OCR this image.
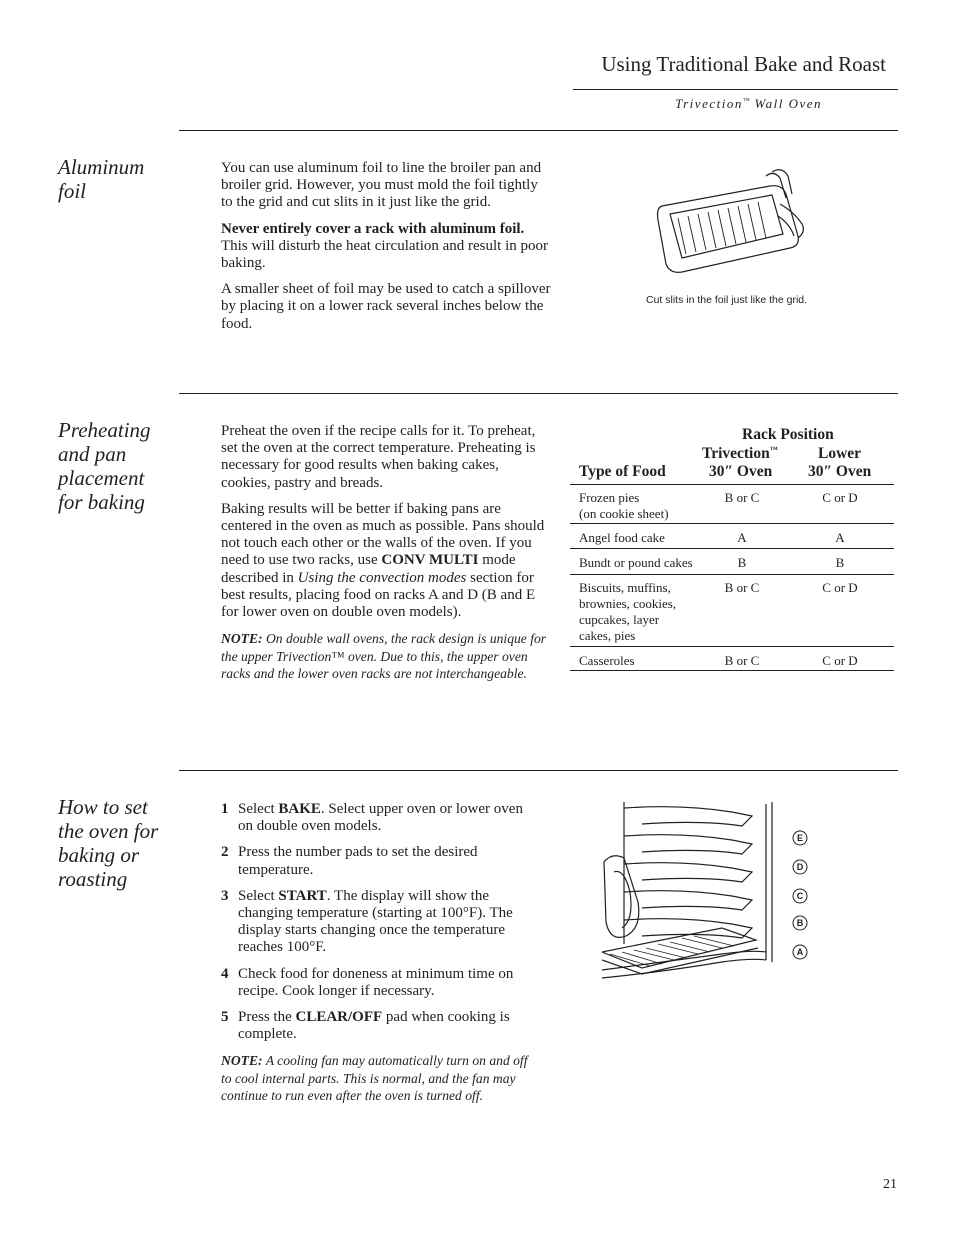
Using Traditional Bake and Roast
Trivection™ Wall Oven
Aluminum
foil

You can use aluminum foil to line the broiler pan and broiler grid. However, you must mold the foil tightly to the grid and cut slits in it just like the grid.

Never entirely cover a rack with aluminum foil. This will disturb the heat circulation and result in poor baking.

A smaller sheet of foil may be used to catch a spillover by placing it on a lower rack several inches below the food.

Cut slits in the foil just like the grid.
Preheating
and pan
placement
for baking

Preheat the oven if the recipe calls for it. To preheat, set the oven at the correct temperature. Preheating is necessary for good results when baking cakes, cookies, pastry and breads.

Baking results will be better if baking pans are centered in the oven as much as possible. Pans should not touch each other or the walls of the oven. If you need to use two racks, use CONV MULTI mode described in Using the convection modes section for best results, placing food on racks A and D (B and E for lower oven on double oven models).

NOTE: On double wall ovens, the rack design is unique for the upper Trivection™ oven. Due to this, the upper oven racks and the lower oven racks are not interchangeable.

Rack Position
Trivection™
30″ Oven
Lower
30″ Oven
Type of Food
Frozen pies
(on cookie sheet)
B or C	C or D
Angel food cake	A	A
Bundt or pound cakes	B	B
Biscuits, muffins,
brownies, cookies,
cupcakes, layer
cakes, pies
B or C	C or D
Casseroles	B or C	C or D
How to set
the oven for
baking or
roasting
1 Select BAKE. Select upper oven or lower oven on double oven models.
2 Press the number pads to set the desired temperature.
3 Select START. The display will show the changing temperature (starting at 100°F). The display starts changing once the temperature reaches 100°F.
4 Check food for doneness at minimum time on recipe. Cook longer if necessary.
5 Press the CLEAR/OFF pad when cooking is complete.

NOTE: A cooling fan may automatically turn on and off to cool internal parts. This is normal, and the fan may continue to run even after the oven is turned off.

E
D
C
B
A
21
